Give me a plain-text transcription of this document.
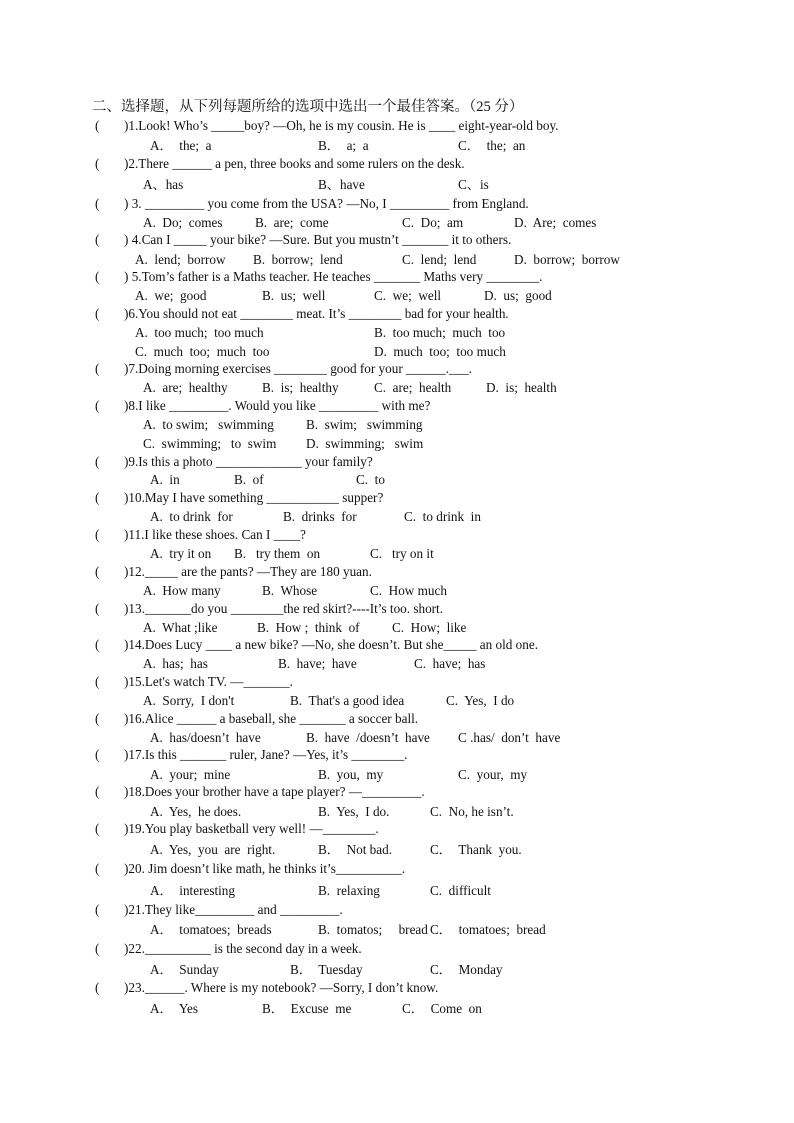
二、选择题，从下列每题所给的选项中选出一个最佳答案。（25 分）
( )1.Look! Who’s _____boy? —Oh, he is my cousin. He is ____ eight-year-old boy.
A．  the;  a	B．  a;  a	C．  the;  an
( )2.There ______ a pen, three books and some rulers on the desk.
A、has	B、have	C、is
( ) 3. _________ you come from the USA? —No, I _________ from England.
A.  Do;  comes B.  are;  come	C.  Do;  am	D.  Are;  comes
( ) 4.Can I _____ your bike? —Sure. But you mustn’t _______ it to others.
A.  lend;  borrow B.  borrow;  lend	C.  lend;  lend	D.  borrow;  borrow
( ) 5.Tom’s father is a Maths teacher. He teaches _______ Maths very ________.
A.  we;  good	B.  us;  well	C.  we;  well	D.  us;  good
( )6.You should not eat ________ meat. It’s ________ bad for your health.
A.  too much;  too much	B.  too much;  much  too
C.  much  too;  much  too	D.  much  too;  too much
( )7.Doing morning exercises ________ good for your ______.___.
A.  are;  healthy	B.  is;  healthy	C.  are;  health	D.  is;  health
( )8.I like _________. Would you like _________ with me?
A.  to swim;   swimming B.  swim;   swimming
C.  swimming;   to  swim D.  swimming;   swim
( )9.Is this a photo _____________ your family?
A.  in	B.  of	C.  to
( )10.May I have something ___________ supper?
A.  to drink  for	B.  drinks  for	C.  to drink  in
( )11.I like these shoes. Can I ____?
A.  try it on B.   try them  on	C.   try on it
( )12._____ are the pants? —They are 180 yuan.
A.  How many	B.  Whose	C.  How much
( )13._______do you ________the red skirt?----It’s too. short.
A.  What ;like	B.  How ;  think  of C.  How;  like
( )14.Does Lucy ____ a new bike? —No, she doesn’t. But she_____ an old one.
A.  has;  has	B.  have;  have	C.  have;  has
( )15.Let's watch TV. —_______.
A.  Sorry,  I don't	B.  That's a good idea	C.  Yes,  I do
( )16.Alice ______ a baseball, she _______ a soccer ball.
A.  has/doesn’t  have	B.  have  /doesn’t  have C .has/  don’t  have
( )17.Is this _______ ruler, Jane? —Yes, it’s ________.
A.  your;  mine	B.  you,  my	C.  your,  my
( )18.Does your brother have a tape player? —_________.
A.  Yes,  he does.	B.  Yes,  I do.	C.  No, he isn’t.
( )19.You play basketball very well! —________.
A.  Yes,  you  are  right.	B．  Not bad.	C．  Thank  you.
( )20. Jim doesn’t like math, he thinks it’s__________.
A．  interesting	B.  relaxing	C.  difficult
( )21.They like_________ and _________.
A．  tomatoes;  breads	B.  tomatos;     bread C．  tomatoes;  bread
( )22.__________ is the second day in a week.
A．  Sunday	B．  Tuesday	C．  Monday
( )23.______. Where is my notebook? —Sorry, I don’t know.
A．  Yes	B．  Excuse  me	C．  Come  on
